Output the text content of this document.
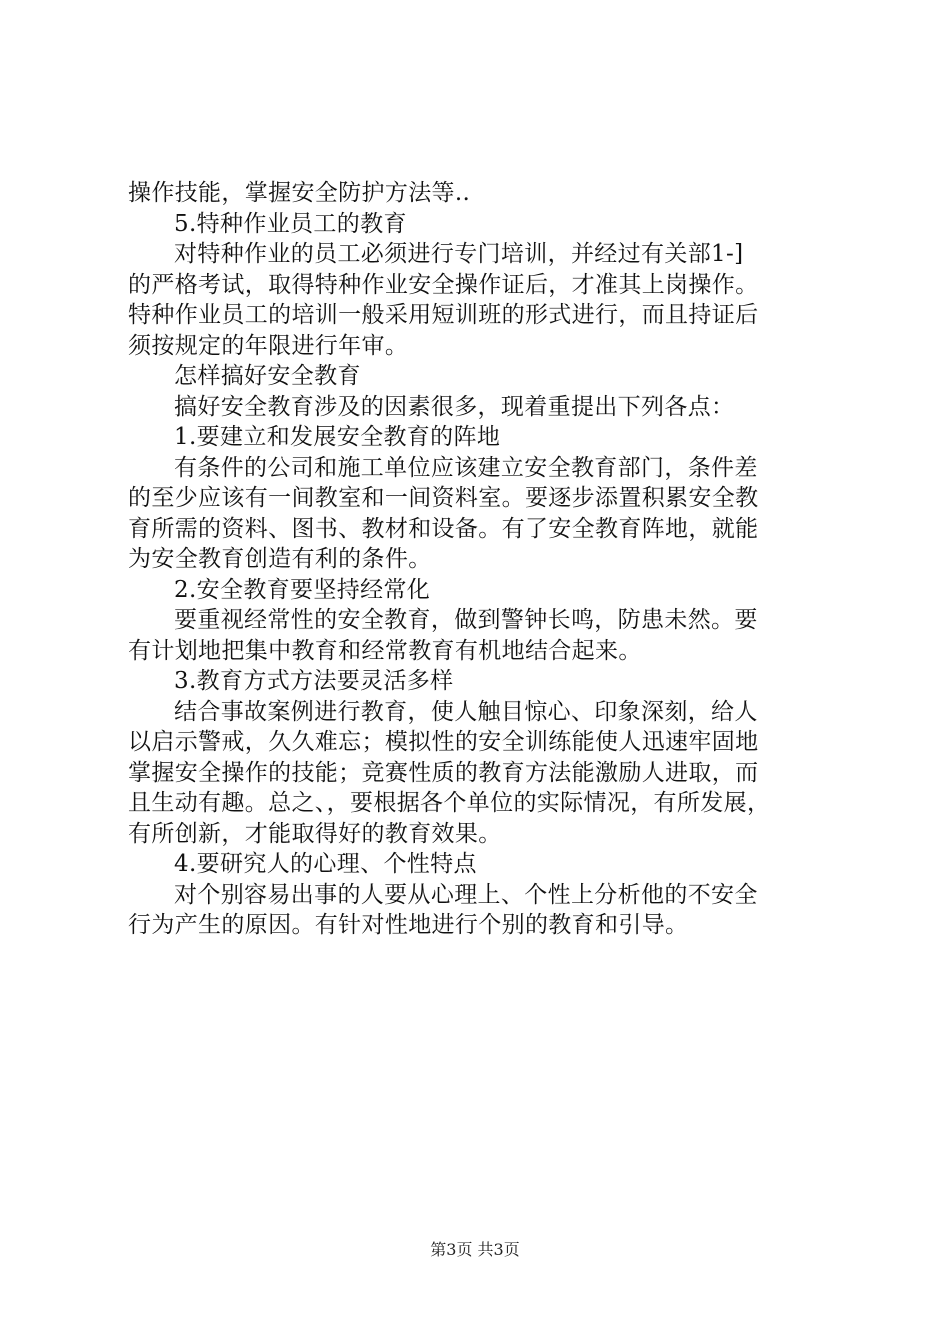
操作技能，掌握安全防护方法等..
5.特种作业员工的教育
对特种作业的员工必须进行专门培训，并经过有关部1-]
的严格考试，取得特种作业安全操作证后，才准其上岗操作。
特种作业员工的培训一般采用短训班的形式进行，而且持证后
须按规定的年限进行年审。
怎样搞好安全教育
搞好安全教育涉及的因素很多，现着重提出下列各点：
1.要建立和发展安全教育的阵地
有条件的公司和施工单位应该建立安全教育部门，条件差
的至少应该有一间教室和一间资料室。要逐步添置积累安全教
育所需的资料、图书、教材和设备。有了安全教育阵地，就能
为安全教育创造有利的条件。
2.安全教育要坚持经常化
要重视经常性的安全教育，做到警钟长鸣，防患未然。要
有计划地把集中教育和经常教育有机地结合起来。
3.教育方式方法要灵活多样
结合事故案例进行教育，使人触目惊心、印象深刻，给人
以启示警戒，久久难忘；模拟性的安全训练能使人迅速牢固地
掌握安全操作的技能；竞赛性质的教育方法能激励人进取，而
且生动有趣。总之、，要根据各个单位的实际情况，有所发展，
有所创新，才能取得好的教育效果。
4.要研究人的心理、个性特点
对个别容易出事的人要从心理上、个性上分析他的不安全
行为产生的原因。有针对性地进行个别的教育和引导。
第3页 共3页
